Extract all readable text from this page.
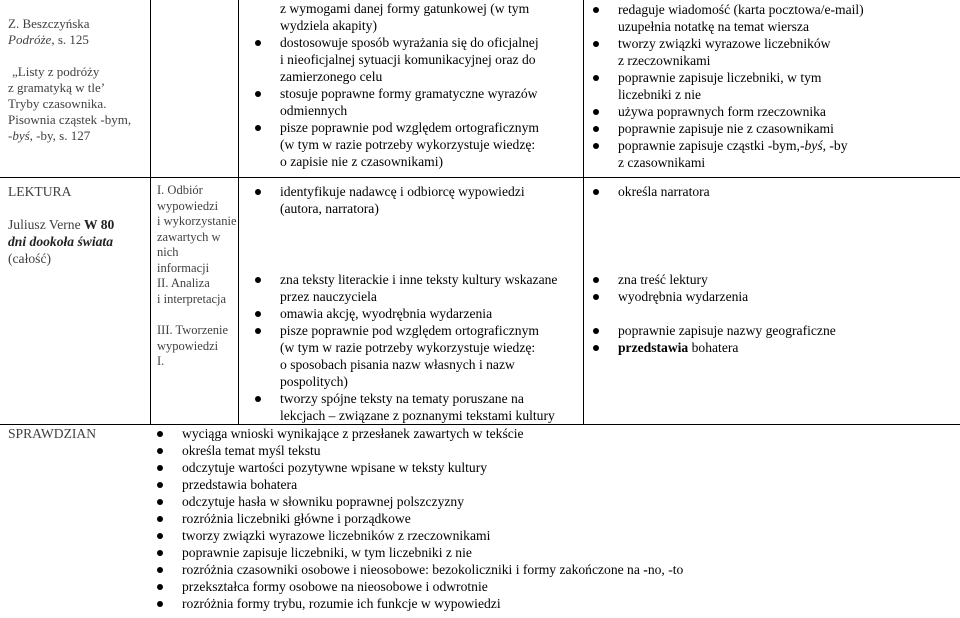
Z. Beszczyńska
Podróże, s. 125
„Listy z podróży
z gramatyką w tle’
Tryby czasownika.
Pisownia cząstek -bym,
-byś, -by, s. 127
z wymogami danej formy gatunkowej (w tym
wydziela akapity)
dostosowuje sposób wyrażania się do oficjalnej
i nieoficjalnej sytuacji komunikacyjnej oraz do
zamierzonego celu
stosuje poprawne formy gramatyczne wyrazów
odmiennych
pisze poprawnie pod względem ortograficznym
(w tym w razie potrzeby wykorzystuje wiedzę:
o zapisie nie z czasownikami)
redaguje wiadomość (karta pocztowa/e-mail)
uzupełnia notatkę na temat wiersza
tworzy związki wyrazowe liczebników
z rzeczownikami
poprawnie zapisuje liczebniki, w tym
liczebniki z nie
używa poprawnych form rzeczownika
poprawnie zapisuje nie z czasownikami
poprawnie zapisuje cząstki -bym,-byś, -by
z czasownikami
LEKTURA
Juliusz Verne W 80
dni dookoła świata
(całość)
I. Odbiór
wypowiedzi
i wykorzystanie
zawartych w
nich
informacji
II. Analiza
i interpretacja
III. Tworzenie
wypowiedzi
I.
identyfikuje nadawcę i odbiorcę wypowiedzi
(autora, narratora)
zna teksty literackie i inne teksty kultury wskazane
przez nauczyciela
omawia akcję, wyodrębnia wydarzenia
pisze poprawnie pod względem ortograficznym
(w tym w razie potrzeby wykorzystuje wiedzę:
o sposobach pisania nazw własnych i nazw
pospolitych)
tworzy spójne teksty na tematy poruszane na
lekcjach – związane z poznanymi tekstami kultury
określa narratora
zna treść lektury
wyodrębnia wydarzenia
poprawnie zapisuje nazwy geograficzne
przedstawia bohatera
SPRAWDZIAN	wyciąga wnioski wynikające z przesłanek zawartych w tekście
określa temat myśl tekstu
odczytuje wartości pozytywne wpisane w teksty kultury
przedstawia bohatera
odczytuje hasła w słowniku poprawnej polszczyzny
rozróżnia liczebniki główne i porządkowe
tworzy związki wyrazowe liczebników z rzeczownikami
poprawnie zapisuje liczebniki, w tym liczebniki z nie
rozróżnia czasowniki osobowe i nieosobowe: bezokoliczniki i formy zakończone na -no, -to
przekształca formy osobowe na nieosobowe i odwrotnie
rozróżnia formy trybu, rozumie ich funkcje w wypowiedzi
